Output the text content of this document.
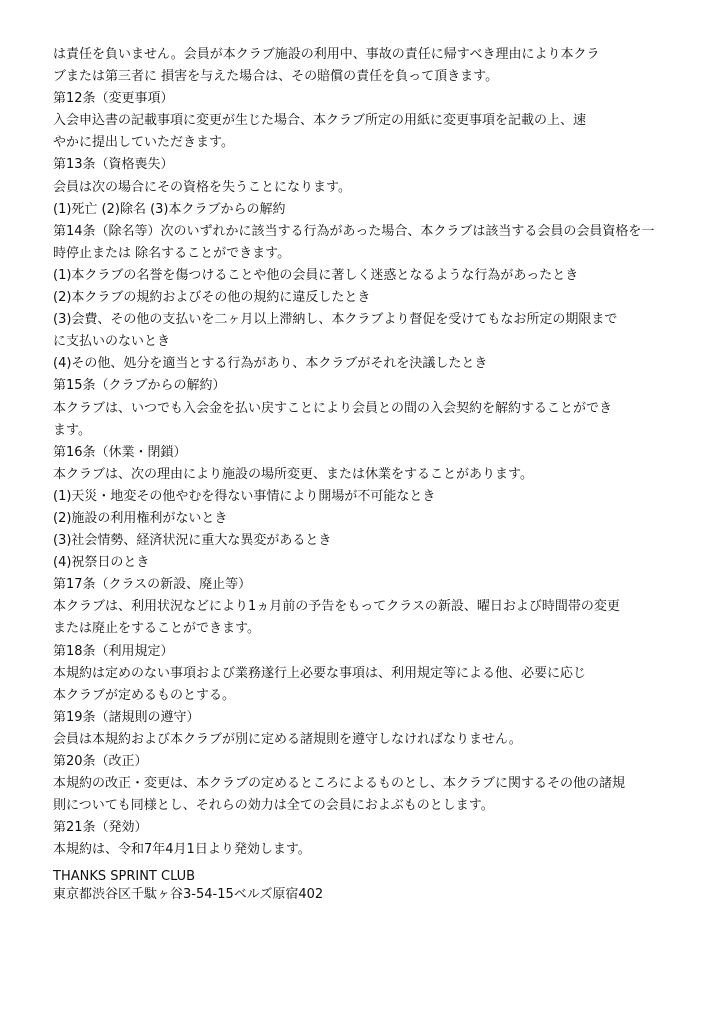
は責任を負いません。会員が本クラブ施設の利用中、事故の責任に帰すべき理由により本クラ
ブまたは第三者に 損害を与えた場合は、その賠償の責任を負って頂きます。
第12条（変更事項）
入会申込書の記載事項に変更が生じた場合、本クラブ所定の用紙に変更事項を記載の上、速
やかに提出していただきます。
第13条（資格喪失）
会員は次の場合にその資格を失うことになります。
(1)死亡 (2)除名 (3)本クラブからの解約
第14条（除名等）次のいずれかに該当する行為があった場合、本クラブは該当する会員の会員資格を一
時停止または 除名することができます。
(1)本クラブの名誉を傷つけることや他の会員に著しく迷惑となるような行為があったとき
(2)本クラブの規約およびその他の規約に違反したとき
(3)会費、その他の支払いを二ヶ月以上滞納し、本クラブより督促を受けてもなお所定の期限まで
に支払いのないとき
(4)その他、処分を適当とする行為があり、本クラブがそれを決議したとき
第15条（クラブからの解約）
本クラブは、いつでも入会金を払い戻すことにより会員との間の入会契約を解約することができ
ます。
第16条（休業・閉鎖）
本クラブは、次の理由により施設の場所変更、または休業をすることがあります。
(1)天災・地変その他やむを得ない事情により開場が不可能なとき
(2)施設の利用権利がないとき
(3)社会情勢、経済状況に重大な異変があるとき
(4)祝祭日のとき
第17条（クラスの新設、廃止等）
本クラブは、利用状況などにより1ヵ月前の予告をもってクラスの新設、曜日および時間帯の変更
または廃止をすることができます。
第18条（利用規定）
本規約は定めのない事項および業務遂行上必要な事項は、利用規定等による他、必要に応じ
本クラブが定めるものとする。
第19条（諸規則の遵守）
会員は本規約および本クラブが別に定める諸規則を遵守しなければなりません。
第20条（改正）
本規約の改正・変更は、本クラブの定めるところによるものとし、本クラブに関するその他の諸規
則についても同様とし、それらの効力は全ての会員におよぶものとします。
第21条（発効）
本規約は、令和7年4月1日より発効します。
THANKS SPRINT CLUB
東京都渋谷区千駄ヶ谷3-54-15ベルズ原宿402
